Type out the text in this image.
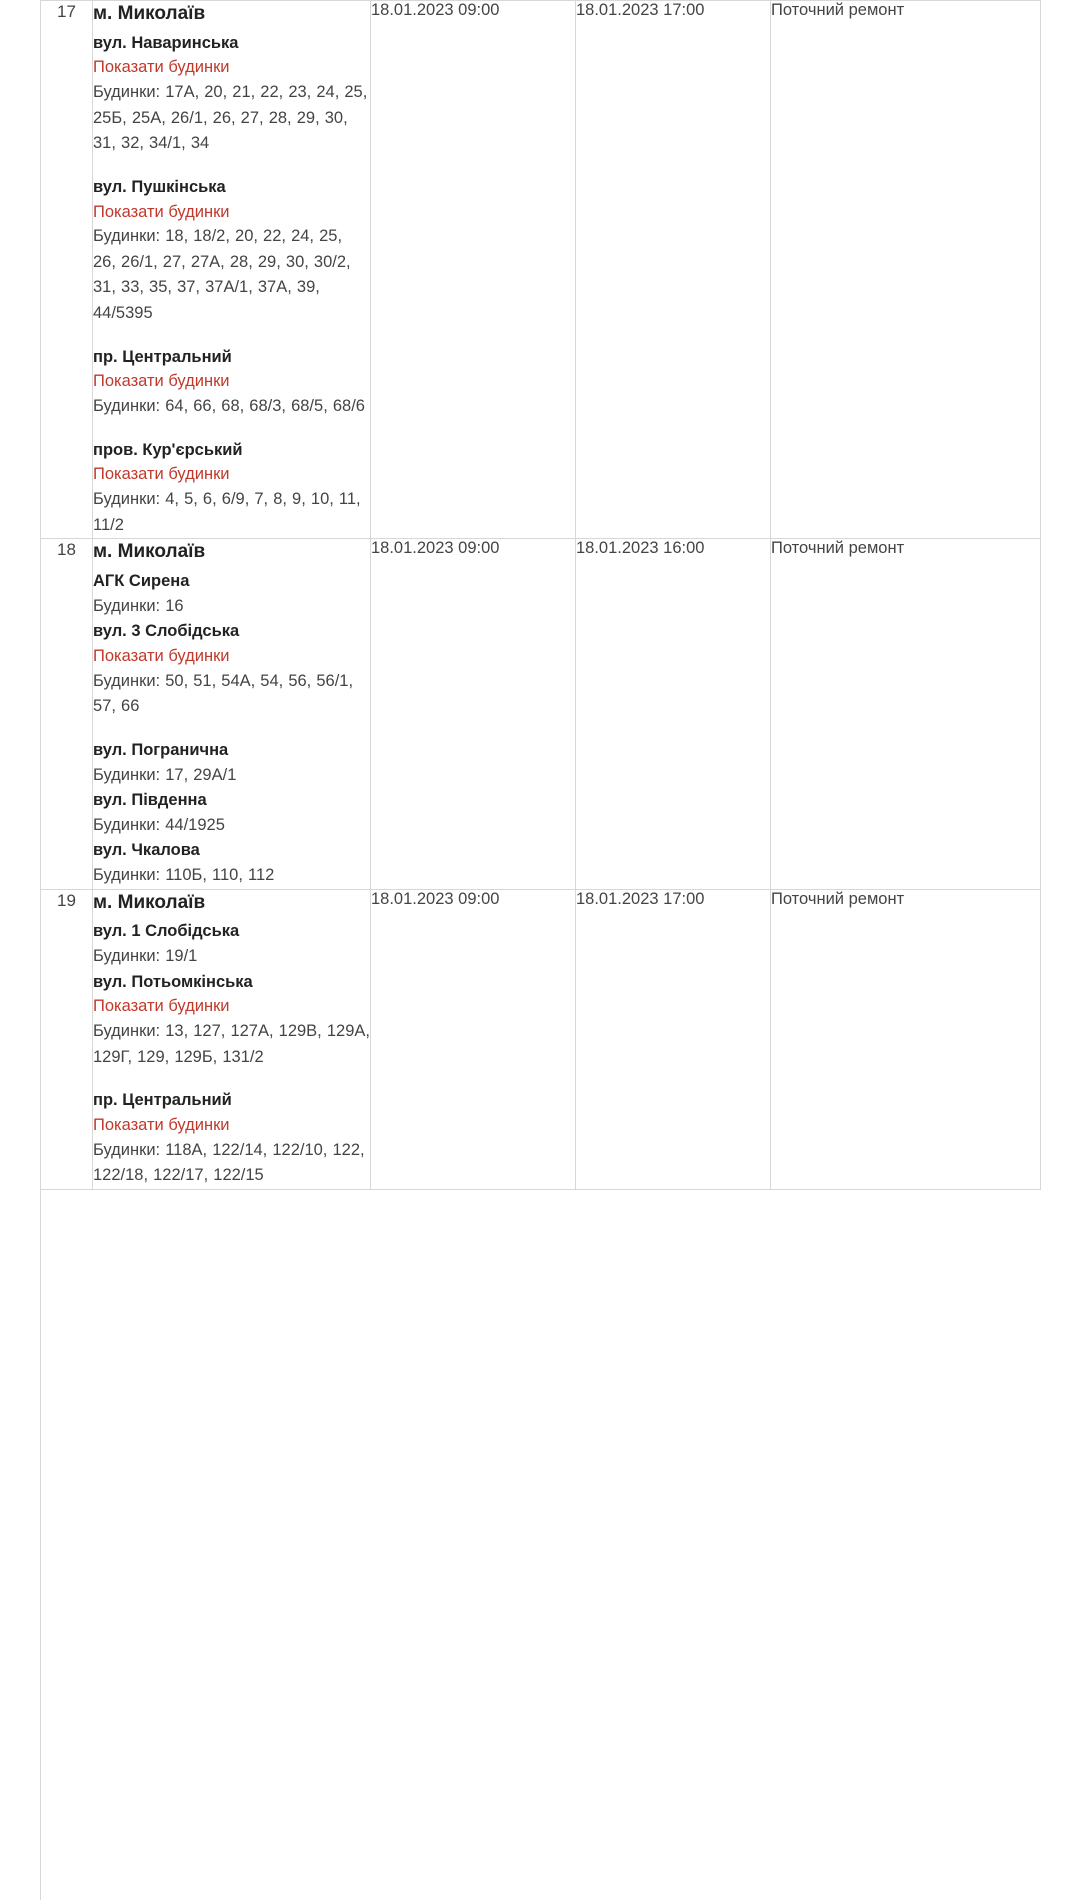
17	м. Миколаїв
вул. Наваринська
Показати будинки
Будинки: 17А, 20, 21, 22, 23, 24, 25, 25Б, 25А, 26/1, 26, 27, 28, 29, 30, 31, 32, 34/1, 34
вул. Пушкінська
Показати будинки
Будинки: 18, 18/2, 20, 22, 24, 25, 26, 26/1, 27, 27А, 28, 29, 30, 30/2, 31, 33, 35, 37, 37А/1, 37А, 39, 44/5395
пр. Центральний
Показати будинки
Будинки: 64, 66, 68, 68/3, 68/5, 68/6
пров. Кур'єрський
Показати будинки
Будинки: 4, 5, 6, 6/9, 7, 8, 9, 10, 11, 11/2
	18.01.2023 09:00	18.01.2023 17:00	Поточний ремонт
18	м. Миколаїв
АГК Сирена
Будинки: 16
вул. 3 Слобідська
Показати будинки
Будинки: 50, 51, 54А, 54, 56, 56/1, 57, 66
вул. Погранична
Будинки: 17, 29А/1
вул. Південна
Будинки: 44/1925
вул. Чкалова
Будинки: 110Б, 110, 112
	18.01.2023 09:00	18.01.2023 16:00	Поточний ремонт
19	м. Миколаїв
вул. 1 Слобідська
Будинки: 19/1
вул. Потьомкінська
Показати будинки
Будинки: 13, 127, 127А, 129В, 129А, 129Г, 129, 129Б, 131/2
пр. Центральний
Показати будинки
Будинки: 118А, 122/14, 122/10, 122, 122/18, 122/17, 122/15
	18.01.2023 09:00	18.01.2023 17:00	Поточний ремонт
